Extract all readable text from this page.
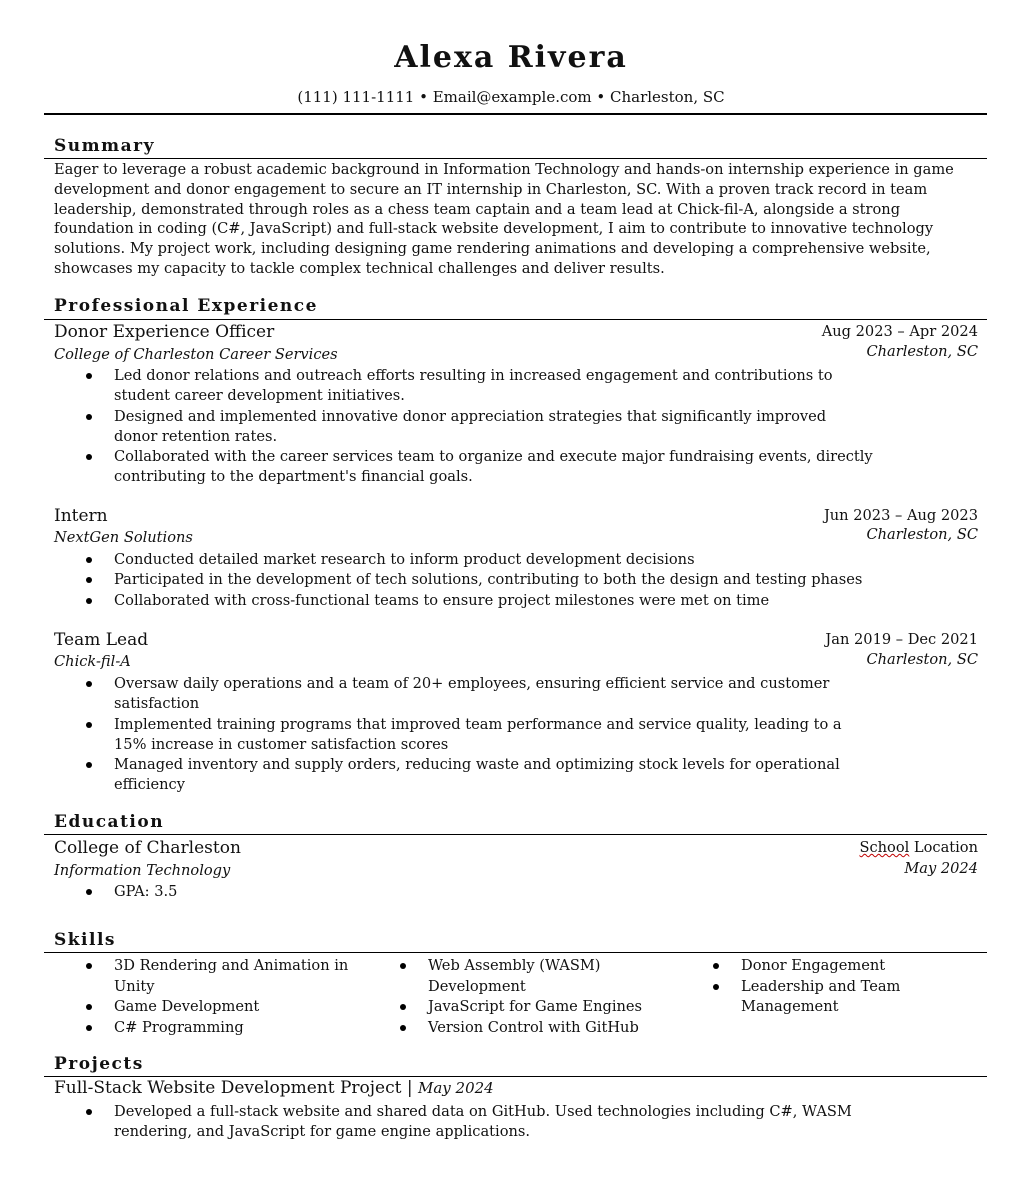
Alexa Rivera
(111) 111-1111 • Email@example.com • Charleston, SC
Summary
Eager to leverage a robust academic background in Information Technology and hands-on internship experience in game development and donor engagement to secure an IT internship in Charleston, SC. With a proven track record in team leadership, demonstrated through roles as a chess team captain and a team lead at Chick-fil-A, alongside a strong foundation in coding (C#, JavaScript) and full-stack website development, I aim to contribute to innovative technology solutions. My project work, including designing game rendering animations and developing a comprehensive website, showcases my capacity to tackle complex technical challenges and deliver results.
Professional Experience
Donor Experience Officer	Aug 2023 – Apr 2024
College of Charleston Career Services	Charleston, SC
Led donor relations and outreach efforts resulting in increased engagement and contributions to student career development initiatives.
Designed and implemented innovative donor appreciation strategies that significantly improved donor retention rates.
Collaborated with the career services team to organize and execute major fundraising events, directly contributing to the department's financial goals.
Intern	Jun 2023 – Aug 2023
NextGen Solutions	Charleston, SC
Conducted detailed market research to inform product development decisions
Participated in the development of tech solutions, contributing to both the design and testing phases
Collaborated with cross-functional teams to ensure project milestones were met on time
Team Lead	Jan 2019 – Dec 2021
Chick-fil-A	Charleston, SC
Oversaw daily operations and a team of 20+ employees, ensuring efficient service and customer satisfaction
Implemented training programs that improved team performance and service quality, leading to a 15% increase in customer satisfaction scores
Managed inventory and supply orders, reducing waste and optimizing stock levels for operational efficiency
Education
College of Charleston	School Location
Information Technology	May 2024
GPA: 3.5
Skills
3D Rendering and Animation in Unity
Game Development
C# Programming
Web Assembly (WASM) Development
JavaScript for Game Engines
Version Control with GitHub
Donor Engagement
Leadership and Team Management
Projects
Full-Stack Website Development Project | May 2024
Developed a full-stack website and shared data on GitHub. Used technologies including C#, WASM rendering, and JavaScript for game engine applications.
